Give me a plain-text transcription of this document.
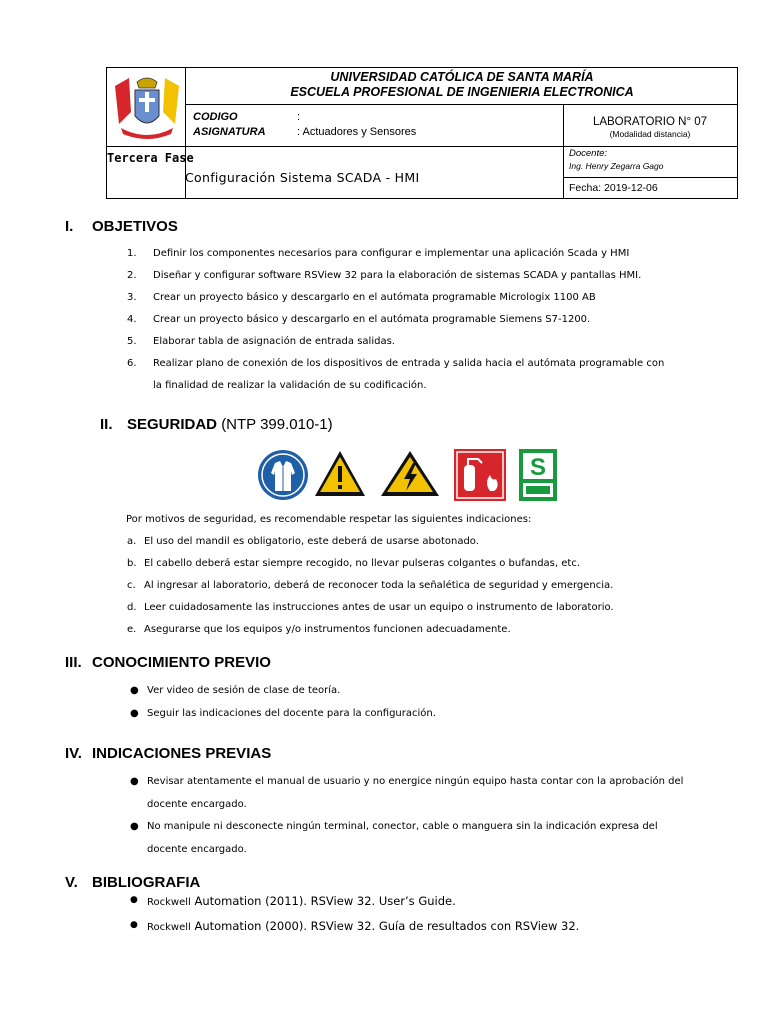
UNIVERSIDAD CATÓLICA DE SANTA MARÍA
ESCUELA PROFESIONAL DE INGENIERIA ELECTRONICA
CODIGO	:
ASIGNATURA	: Actuadores y Sensores
LABORATORIO N° 07
(Modalidad distancia)
Tercera Fase
Configuración Sistema SCADA - HMI
Docente:
Ing. Henry Zegarra Gago
Fecha: 2019-12-06
I. OBJETIVOS
1. Definir los componentes necesarios para configurar e implementar una aplicación Scada y HMI
2. Diseñar y configurar software RSView 32 para la elaboración de sistemas SCADA y pantallas HMI.
3. Crear un proyecto básico y descargarlo en el autómata programable Micrologix 1100 AB
4. Crear un proyecto básico y descargarlo en el autómata programable Siemens S7-1200.
5. Elaborar tabla de asignación de entrada salidas.
6. Realizar plano de conexión de los dispositivos de entrada y salida hacia el autómata programable con
la finalidad de realizar la validación de su codificación.
II. SEGURIDAD (NTP 399.010-1)
S
Por motivos de seguridad, es recomendable respetar las siguientes indicaciones:
a. El uso del mandil es obligatorio, este deberá de usarse abotonado.
b. El cabello deberá estar siempre recogido, no llevar pulseras colgantes o bufandas, etc.
c. Al ingresar al laboratorio, deberá de reconocer toda la señalética de seguridad y emergencia.
d. Leer cuidadosamente las instrucciones antes de usar un equipo o instrumento de laboratorio.
e. Asegurarse que los equipos y/o instrumentos funcionen adecuadamente.
III. CONOCIMIENTO PREVIO
● Ver video de sesión de clase de teoría.
● Seguir las indicaciones del docente para la configuración.
IV. INDICACIONES PREVIAS
● Revisar atentamente el manual de usuario y no energice ningún equipo hasta contar con la aprobación del
docente encargado.
● No manipule ni desconecte ningún terminal, conector, cable o manguera sin la indicación expresa del
docente encargado.
V. BIBLIOGRAFIA
● Rockwell Automation (2011). RSView 32. User’s Guide.
● Rockwell Automation (2000). RSView 32. Guía de resultados con RSView 32.
